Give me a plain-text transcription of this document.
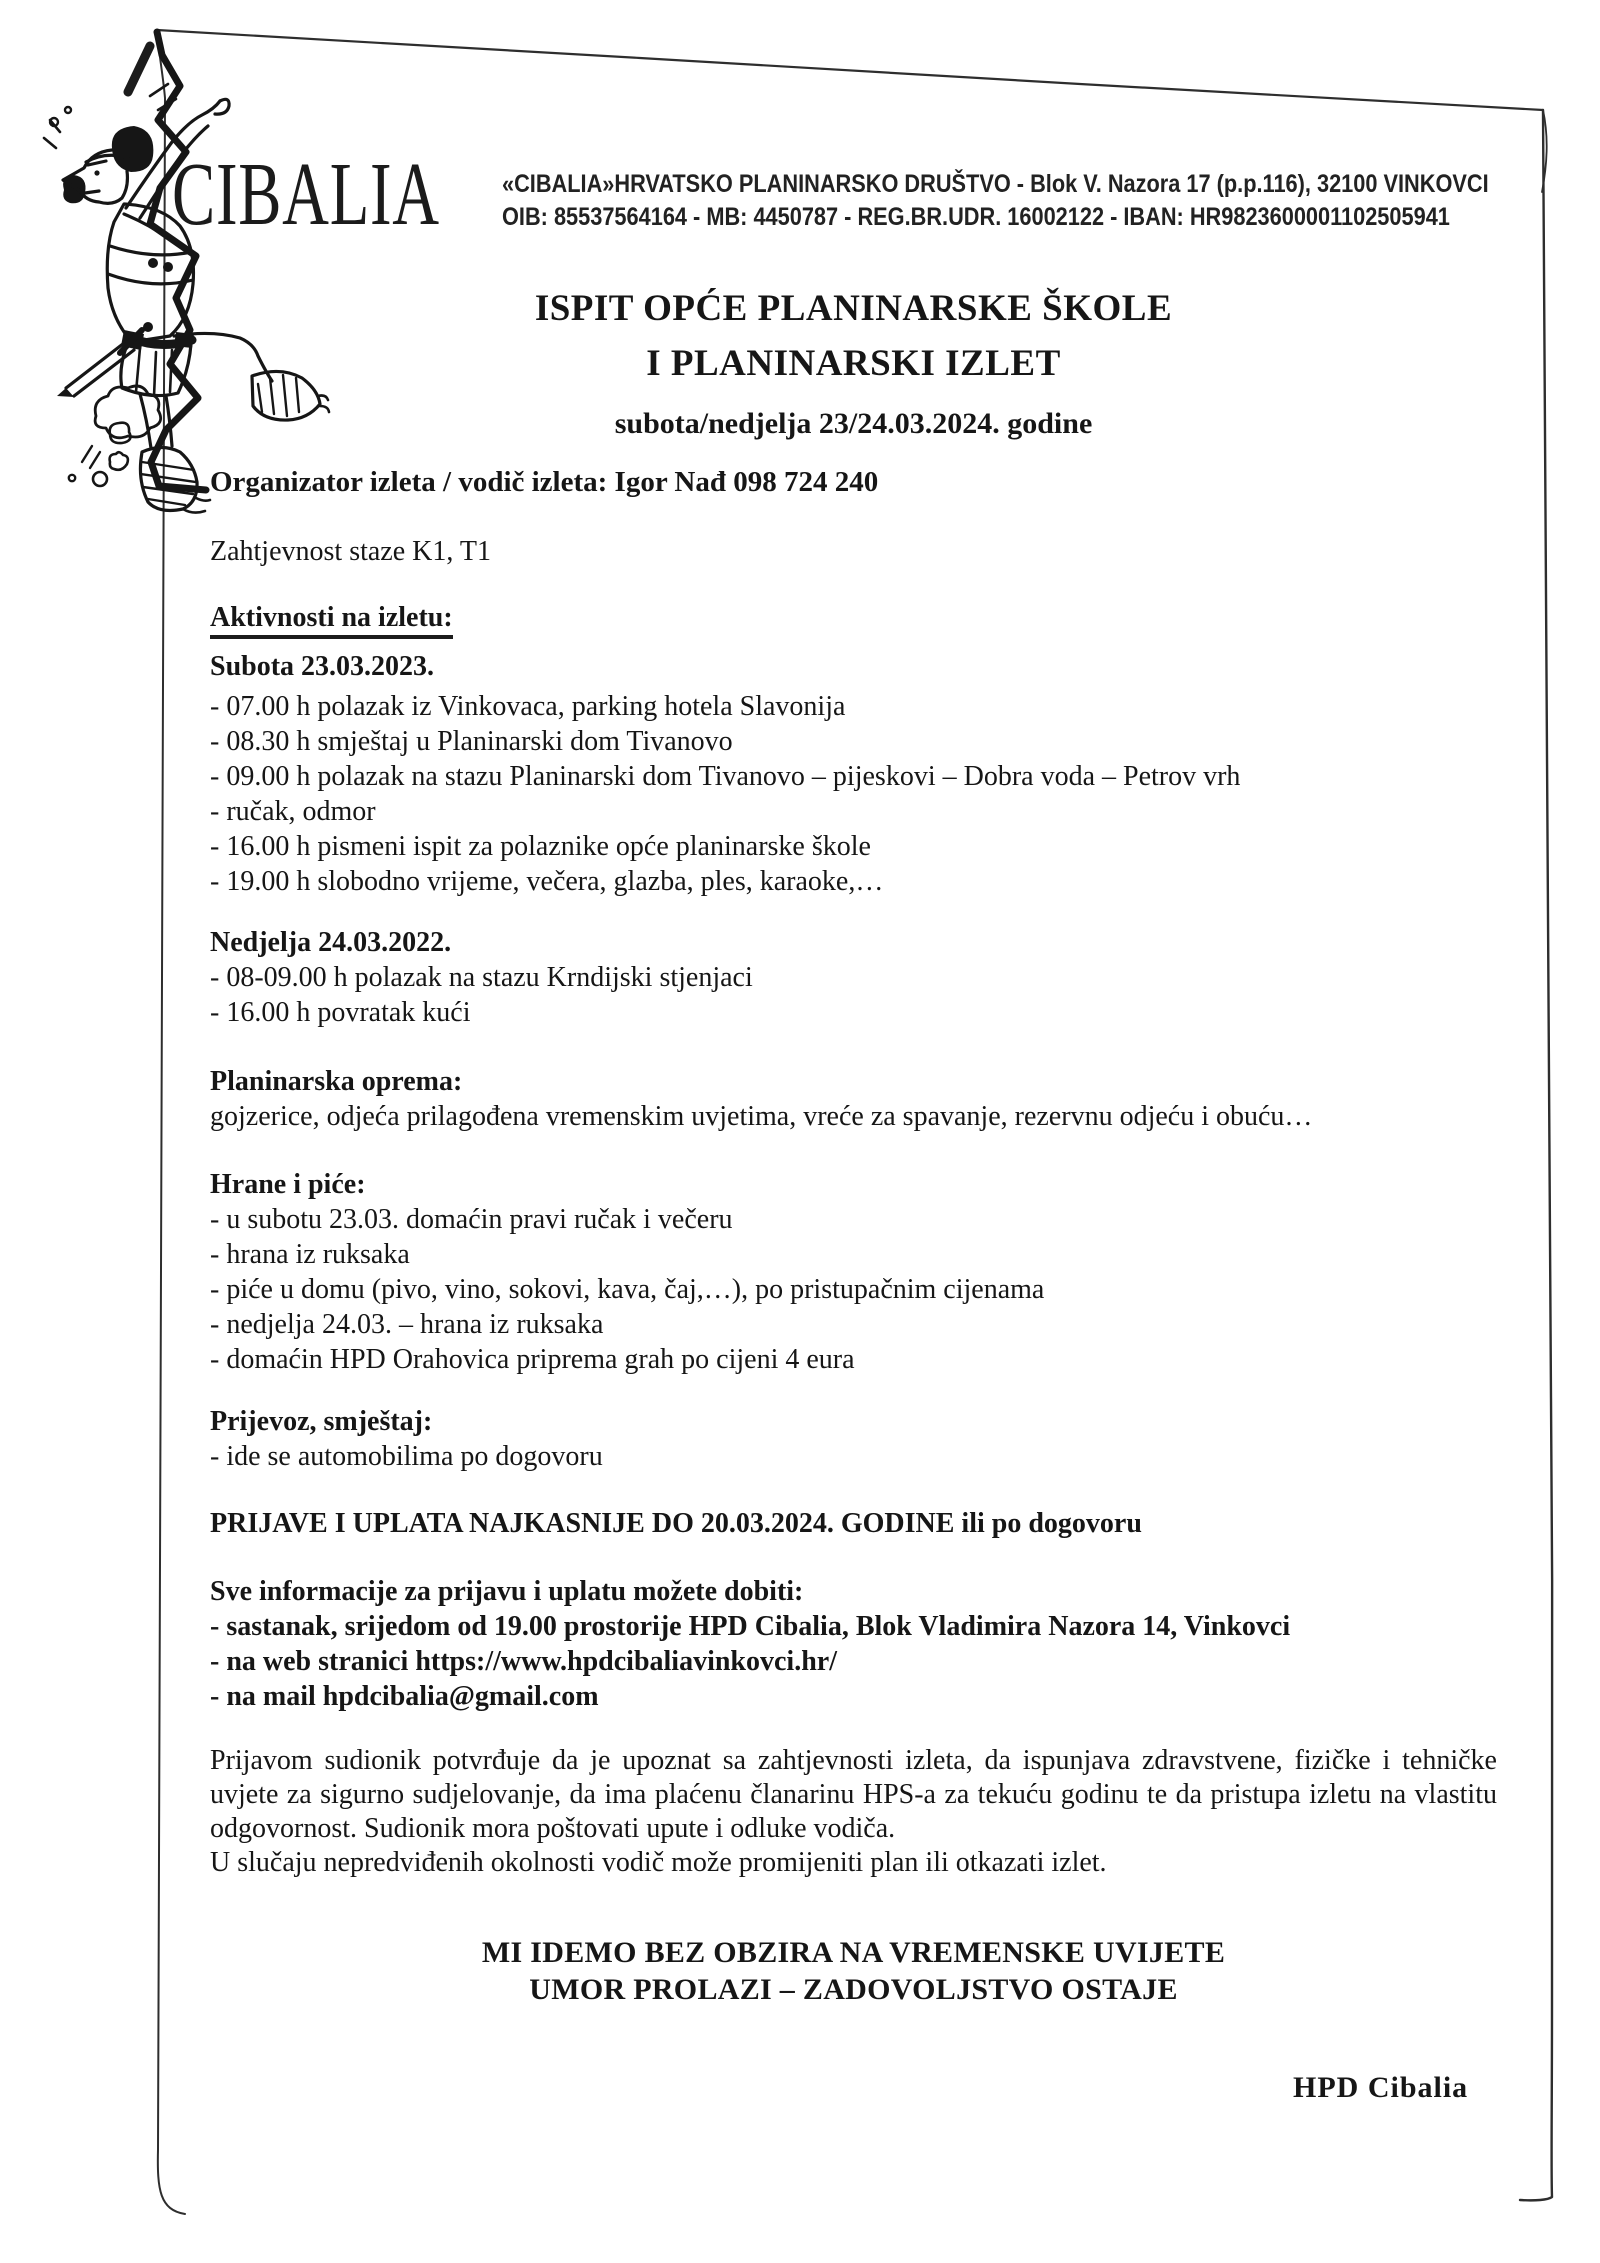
CIBALIA «CIBALIA»HRVATSKO PLANINARSKO DRUŠTVO - Blok V. Nazora 17 (p.p.116), 32100 VINKOVCI
OIB: 85537564164 - MB: 4450787 - REG.BR.UDR. 16002122 - IBAN: HR9823600001102505941
ISPIT OPĆE PLANINARSKE ŠKOLE
I PLANINARSKI IZLET
subota/nedjelja 23/24.03.2024. godine
Organizator izleta / vodič izleta: Igor Nađ 098 724 240
Zahtjevnost staze K1, T1
Aktivnosti na izletu:
Subota 23.03.2023.
- 07.00 h polazak iz Vinkovaca, parking hotela Slavonija
- 08.30 h smještaj u Planinarski dom Tivanovo
- 09.00 h polazak na stazu Planinarski dom Tivanovo – pijeskovi – Dobra voda – Petrov vrh
- ručak, odmor
- 16.00 h pismeni ispit za polaznike opće planinarske škole
- 19.00 h slobodno vrijeme, večera, glazba, ples, karaoke,…
Nedjelja 24.03.2022.
- 08-09.00 h polazak na stazu Krndijski stjenjaci
- 16.00 h povratak kući
Planinarska oprema:
gojzerice, odjeća prilagođena vremenskim uvjetima, vreće za spavanje, rezervnu odjeću i obuću…
Hrane i piće:
- u subotu 23.03. domaćin pravi ručak i večeru
- hrana iz ruksaka
- piće u domu (pivo, vino, sokovi, kava, čaj,…), po pristupačnim cijenama
- nedjelja 24.03. – hrana iz ruksaka
- domaćin HPD Orahovica priprema grah po cijeni 4 eura
Prijevoz, smještaj:
- ide se automobilima po dogovoru
PRIJAVE I UPLATA NAJKASNIJE DO 20.03.2024. GODINE ili po dogovoru
Sve informacije za prijavu i uplatu možete dobiti:
- sastanak, srijedom od 19.00 prostorije HPD Cibalia, Blok Vladimira Nazora 14, Vinkovci
- na web stranici https://www.hpdcibaliavinkovci.hr/
- na mail hpdcibalia@gmail.com
Prijavom sudionik potvrđuje da je upoznat sa zahtjevnosti izleta, da ispunjava zdravstvene, fizičke i tehničke uvjete za sigurno sudjelovanje, da ima plaćenu članarinu HPS-a za tekuću godinu te da pristupa izletu na vlastitu odgovornost. Sudionik mora poštovati upute i odluke vodiča.
U slučaju nepredviđenih okolnosti vodič može promijeniti plan ili otkazati izlet.
MI IDEMO BEZ OBZIRA NA VREMENSKE UVIJETE
UMOR PROLAZI – ZADOVOLJSTVO OSTAJE
HPD Cibalia
